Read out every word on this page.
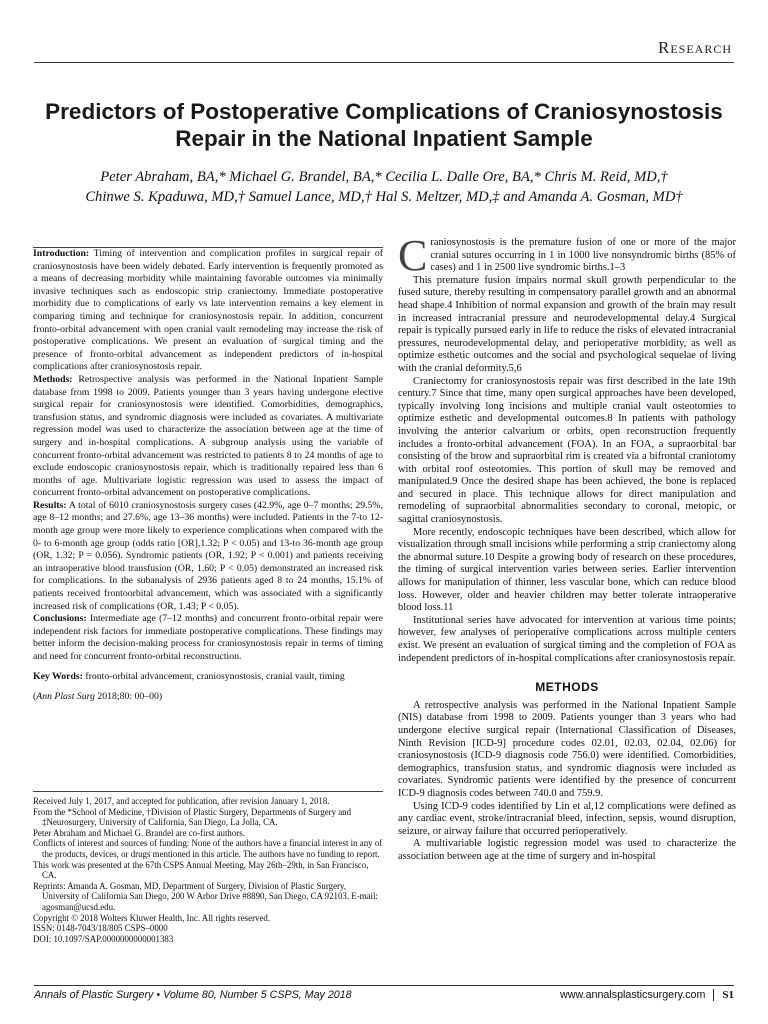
Research
Predictors of Postoperative Complications of Craniosynostosis
Repair in the National Inpatient Sample
Peter Abraham, BA,* Michael G. Brandel, BA,* Cecilia L. Dalle Ore, BA,* Chris M. Reid, MD,†
Chinwe S. Kpaduwa, MD,† Samuel Lance, MD,† Hal S. Meltzer, MD,‡ and Amanda A. Gosman, MD†

Introduction: Timing of intervention and complication profiles in surgical repair of craniosynostosis have been widely debated. Early intervention is frequently promoted as a means of decreasing morbidity while maintaining favorable outcomes via minimally invasive techniques such as endoscopic strip craniectomy. Immediate postoperative morbidity due to complications of early vs late intervention remains a key element in comparing timing and technique for craniosynostosis repair. In addition, concurrent fronto-orbital advancement with open cranial vault remodeling may increase the risk of postoperative complications. We present an evaluation of surgical timing and the presence of fronto-orbital advancement as independent predictors of in-hospital complications after craniosynostosis repair.

Methods: Retrospective analysis was performed in the National Inpatient Sample database from 1998 to 2009. Patients younger than 3 years having undergone elective surgical repair for craniosynostosis were identified. Comorbidities, demographics, transfusion status, and syndromic diagnosis were included as covariates. A multivariate regression model was used to characterize the association between age at the time of surgery and in-hospital complications. A subgroup analysis using the variable of concurrent fronto-orbital advancement was restricted to patients 8 to 24 months of age to exclude endoscopic craniosynostosis repair, which is traditionally repaired less than 6 months of age. Multivariate logistic regression was used to assess the impact of concurrent fronto-orbital advancement on postoperative complications.

Results: A total of 6010 craniosynostosis surgery cases (42.9%, age 0–7 months; 29.5%, age 8–12 months; and 27.6%, age 13–36 months) were included. Patients in the 7-to 12-month age group were more likely to experience complications when compared with the 0- to 6-month age group (odds ratio [OR],1.32; P < 0.05) and 13-to 36-month age group (OR, 1.32; P = 0.056). Syndromic patients (OR, 1.92; P < 0.001) and patients receiving an intraoperative blood transfusion (OR, 1.60; P < 0.05) demonstrated an increased risk for complications. In the subanalysis of 2936 patients aged 8 to 24 months, 15.1% of patients received frontoorbital advancement, which was associated with a significantly increased risk of complications (OR, 1.43; P < 0.05).

Conclusions: Intermediate age (7–12 months) and concurrent fronto-orbital repair were independent risk factors for immediate postoperative complications. These findings may better inform the decision-making process for craniosynostosis repair in terms of timing and need for concurrent fronto-orbital reconstruction.

Key Words: fronto-orbital advancement, craniosynostosis, cranial vault, timing

(Ann Plast Surg 2018;80: 00–00)

Received July 1, 2017, and accepted for publication, after revision January 1, 2018.

From the *School of Medicine, †Division of Plastic Surgery, Departments of Surgery and ‡Neurosurgery, University of California, San Diego, La Jolla, CA.

Peter Abraham and Michael G. Brandel are co-first authors.

Conflicts of interest and sources of funding: None of the authors have a financial interest in any of the products, devices, or drugs mentioned in this article. The authors have no funding to report.

This work was presented at the 67th CSPS Annual Meeting, May 26th–29th, in San Francisco, CA.

Reprints: Amanda A. Gosman, MD, Department of Surgery, Division of Plastic Surgery, University of California San Diego, 200 W Arbor Drive #8890, San Diego, CA 92103. E-mail: agosman@ucsd.edu.

Copyright © 2018 Wolters Kluwer Health, Inc. All rights reserved.

ISSN: 0148-7043/18/805 CSPS–0000

DOI: 10.1097/SAP.0000000000001383

Craniosynostosis is the premature fusion of one or more of the major cranial sutures occurring in 1 in 1000 live nonsyndromic births (85% of cases) and 1 in 2500 live syndromic births.1–3

This premature fusion impairs normal skull growth perpendicular to the fused suture, thereby resulting in compensatory parallel growth and an abnormal head shape.4 Inhibition of normal expansion and growth of the brain may result in increased intracranial pressure and neurodevelopmental delay.4 Surgical repair is typically pursued early in life to reduce the risks of elevated intracranial pressures, neurodevelopmental delay, and perioperative morbidity, as well as optimize esthetic outcomes and the social and psychological sequelae of living with the cranial deformity.5,6

Craniectomy for craniosynostosis repair was first described in the late 19th century.7 Since that time, many open surgical approaches have been developed, typically involving long incisions and multiple cranial vault osteotomies to optimize esthetic and developmental outcomes.8 In patients with pathology involving the anterior calvarium or orbits, open reconstruction frequently includes a fronto-orbital advancement (FOA). In an FOA, a supraorbital bar consisting of the brow and supraorbital rim is created via a bifrontal craniotomy with orbital roof osteotomies. This portion of skull may be removed and manipulated.9 Once the desired shape has been achieved, the bone is replaced and secured in place. This technique allows for direct manipulation and remodeling of supraorbital abnormalities secondary to coronal, metopic, or sagittal craniosynostosis.

More recently, endoscopic techniques have been described, which allow for visualization through small incisions while performing a strip craniectomy along the abnormal suture.10 Despite a growing body of research on these procedures, the timing of surgical intervention varies between series. Earlier intervention allows for manipulation of thinner, less vascular bone, which can reduce blood loss. However, older and heavier children may better tolerate intraoperative blood loss.11

Institutional series have advocated for intervention at various time points; however, few analyses of perioperative complications across multiple centers exist. We present an evaluation of surgical timing and the completion of FOA as independent predictors of in-hospital complications after craniosynostosis repair.

METHODS

A retrospective analysis was performed in the National Inpatient Sample (NIS) database from 1998 to 2009. Patients younger than 3 years who had undergone elective surgical repair (International Classification of Diseases, Ninth Revision [ICD-9] procedure codes 02.01, 02.03, 02.04, 02.06) for craniosynostosis (ICD-9 diagnosis code 756.0) were identified. Comorbidities, demographics, transfusion status, and syndromic diagnosis were included as covariates. Syndromic patients were identified by the presence of concurrent ICD-9 diagnosis codes between 740.0 and 759.9.

Using ICD-9 codes identified by Lin et al,12 complications were defined as any cardiac event, stroke/intracranial bleed, infection, sepsis, wound disruption, seizure, or airway failure that occurred perioperatively.

A multivariable logistic regression model was used to characterize the association between age at the time of surgery and in-hospital

Annals of Plastic Surgery • Volume 80, Number 5 CSPS, May 2018	www.annalsplasticsurgery.com S1
